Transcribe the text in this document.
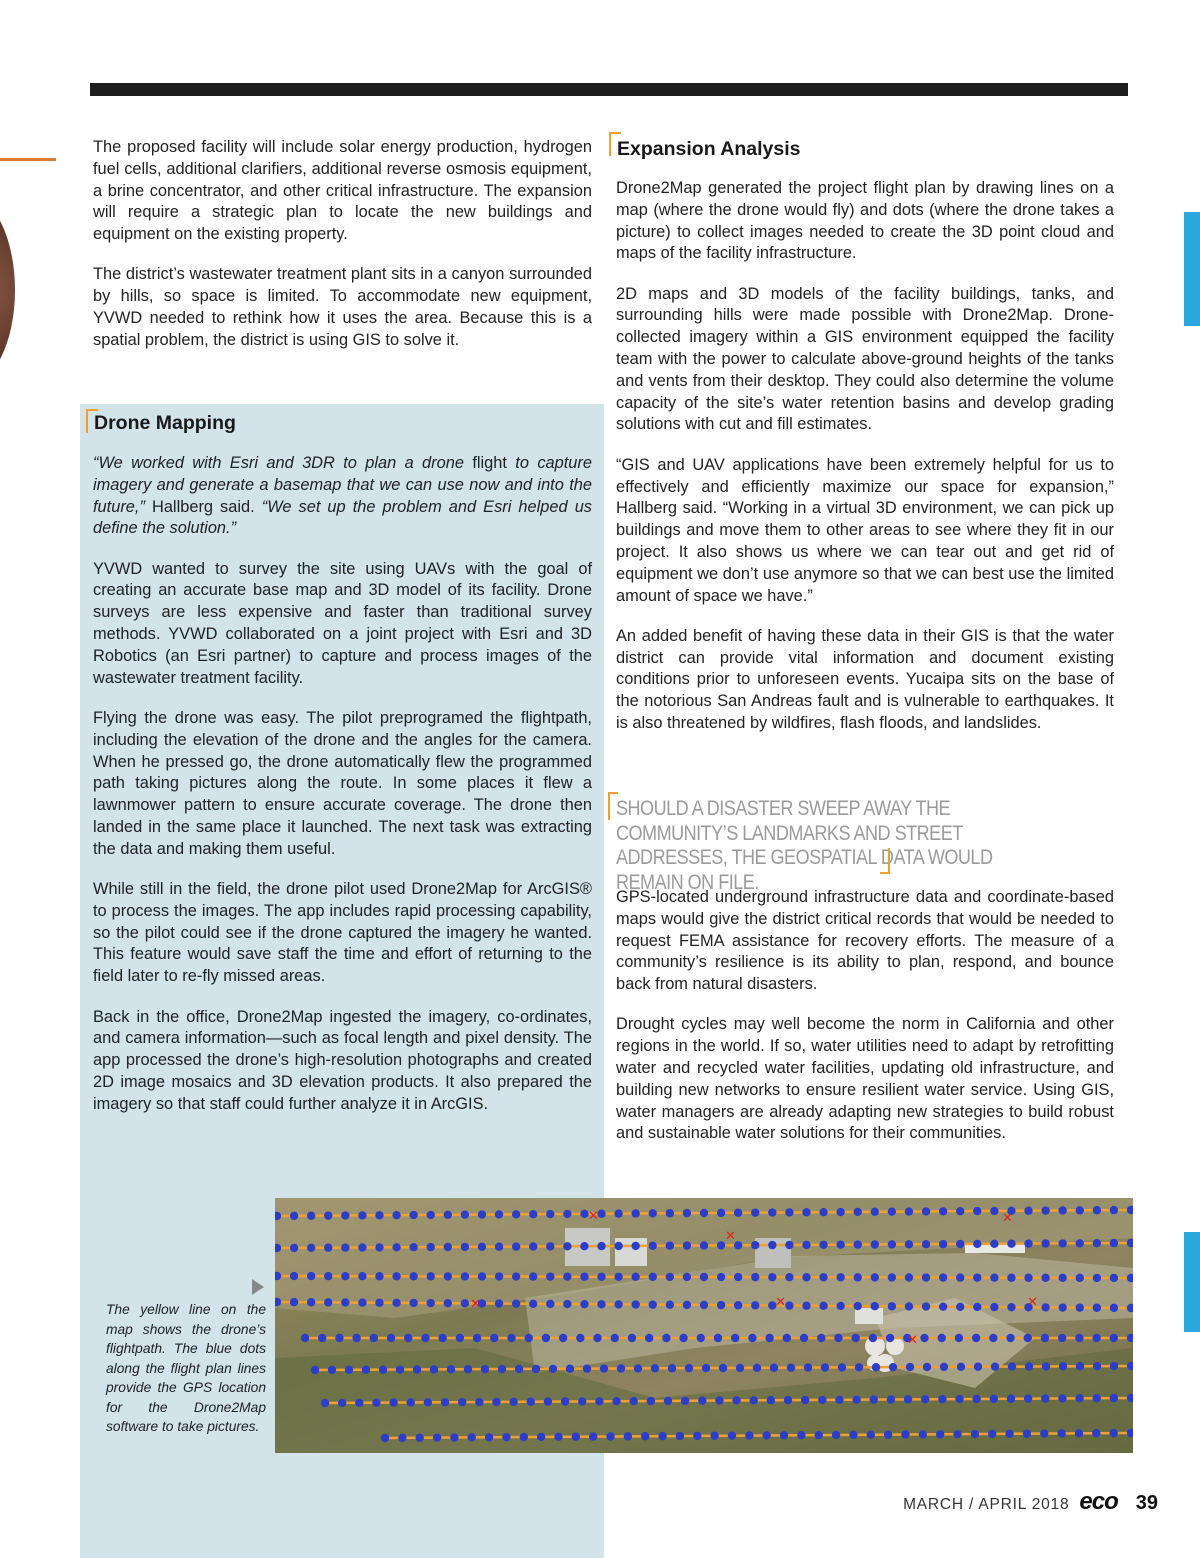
The proposed facility will include solar energy production, hydrogen fuel cells, additional clarifiers, additional reverse osmosis equipment, a brine concentrator, and other critical infrastructure. The expansion will require a strategic plan to locate the new buildings and equipment on the existing property.

The district’s wastewater treatment plant sits in a canyon surrounded by hills, so space is limited. To accommodate new equipment, YVWD needed to rethink how it uses the area. Because this is a spatial problem, the district is using GIS to solve it.

Drone Mapping

“We worked with Esri and 3DR to plan a drone flight to capture imagery and generate a basemap that we can use now and into the future,” Hallberg said. “We set up the problem and Esri helped us define the solution.”

YVWD wanted to survey the site using UAVs with the goal of creating an accurate base map and 3D model of its facility. Drone surveys are less expensive and faster than traditional survey methods. YVWD collaborated on a joint project with Esri and 3D Robotics (an Esri partner) to capture and process images of the wastewater treatment facility.

Flying the drone was easy. The pilot preprogramed the flightpath, including the elevation of the drone and the angles for the camera. When he pressed go, the drone automatically flew the programmed path taking pictures along the route. In some places it flew a lawnmower pattern to ensure accurate coverage. The drone then landed in the same place it launched. The next task was extracting the data and making them useful.

While still in the field, the drone pilot used Drone2Map for ArcGIS® to process the images. The app includes rapid processing capability, so the pilot could see if the drone captured the imagery he wanted. This feature would save staff the time and effort of returning to the field later to re-fly missed areas.

Back in the office, Drone2Map ingested the imagery, co-ordinates, and camera information—such as focal length and pixel density. The app processed the drone’s high-resolution photographs and created 2D image mosaics and 3D elevation products. It also prepared the imagery so that staff could further analyze it in ArcGIS.

Expansion Analysis

Drone2Map generated the project flight plan by drawing lines on a map (where the drone would fly) and dots (where the drone takes a picture) to collect images needed to create the 3D point cloud and maps of the facility infrastructure.

2D maps and 3D models of the facility buildings, tanks, and surrounding hills were made possible with Drone2Map. Drone-collected imagery within a GIS environment equipped the facility team with the power to calculate above-ground heights of the tanks and vents from their desktop. They could also determine the volume capacity of the site’s water retention basins and develop grading solutions with cut and fill estimates.

“GIS and UAV applications have been extremely helpful for us to effectively and efficiently maximize our space for expansion,” Hallberg said. “Working in a virtual 3D environment, we can pick up buildings and move them to other areas to see where they fit in our project. It also shows us where we can tear out and get rid of equipment we don’t use anymore so that we can best use the limited amount of space we have.”

An added benefit of having these data in their GIS is that the water district can provide vital information and document existing conditions prior to unforeseen events. Yucaipa sits on the base of the notorious San Andreas fault and is vulnerable to earthquakes. It is also threatened by wildfires, flash floods, and landslides.

SHOULD A DISASTER SWEEP AWAY THE COMMUNITY’S LANDMARKS AND STREET ADDRESSES, THE GEOSPATIAL DATA WOULD REMAIN ON FILE.

GPS-located underground infrastructure data and coordinate-based maps would give the district critical records that would be needed to request FEMA assistance for recovery efforts. The measure of a community’s resilience is its ability to plan, respond, and bounce back from natural disasters.

Drought cycles may well become the norm in California and other regions in the world. If so, water utilities need to adapt by retrofitting water and recycled water facilities, updating old infrastructure, and building new networks to ensure resilient water service. Using GIS, water managers are already adapting new strategies to build robust and sustainable water solutions for their communities.

The yellow line on the map shows the drone’s flightpath. The blue dots along the flight plan lines provide the GPS location for the Drone2Map software to take pictures.

✕
✕
✕
✕	✕	✕
✕
MARCH / APRIL 2018 eco 39
